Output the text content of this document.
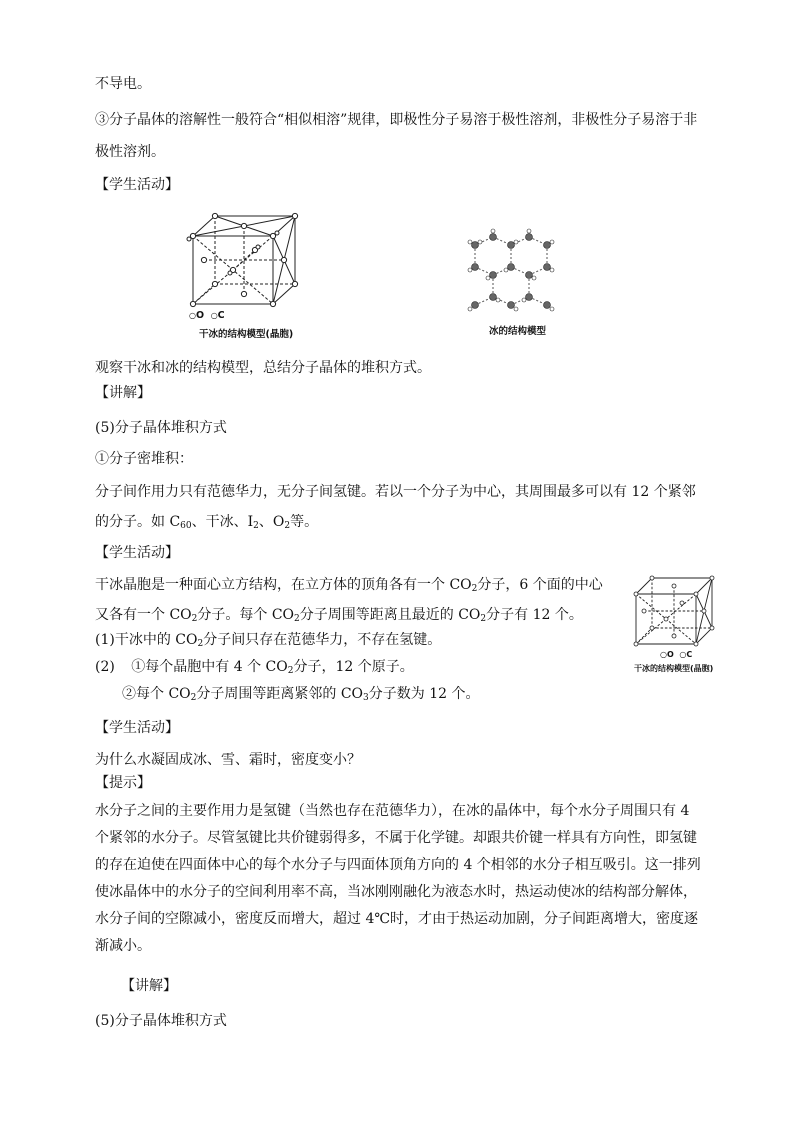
不导电。
③分子晶体的溶解性一般符合“相似相溶”规律，即极性分子易溶于极性溶剂，非极性分子易溶于非
极性溶剂。
【学生活动】
○O ○C
干冰的结构模型(晶胞)	冰的结构模型
观察干冰和冰的结构模型，总结分子晶体的堆积方式。
【讲解】
(5)分子晶体堆积方式
①分子密堆积：
分子间作用力只有范德华力，无分子间氢键。若以一个分子为中心，其周围最多可以有 12 个紧邻
的分子。如 $C_{60}$、干冰、$I_2$、$O_2$等。
【学生活动】
干冰晶胞是一种面心立方结构，在立方体的顶角各有一个 $CO_2$分子，6 个面的中心
又各有一个 $CO_2$分子。每个 $CO_2$分子周围等距离且最近的 $CO_2$分子有 12 个。
(1)干冰中的 $CO_2$分子间只存在范德华力，不存在氢键。
(2) ①每个晶胞中有 4 个 $CO_2$分子，12 个原子。
②每个 $CO_2$分子周围等距离紧邻的 $CO_3$分子数为 12 个。
○O ○C
干冰的结构模型(晶胞)
【学生活动】
为什么水凝固成冰、雪、霜时，密度变小？
【提示】
水分子之间的主要作用力是氢键（当然也存在范德华力），在冰的晶体中，每个水分子周围只有 4
个紧邻的水分子。尽管氢键比共价键弱得多，不属于化学键。却跟共价键一样具有方向性，即氢键
的存在迫使在四面体中心的每个水分子与四面体顶角方向的 4 个相邻的水分子相互吸引。这一排列
使冰晶体中的水分子的空间利用率不高，当冰刚刚融化为液态水时，热运动使冰的结构部分解体，
水分子间的空隙减小，密度反而增大，超过 4℃时，才由于热运动加剧，分子间距离增大，密度逐
渐减小。
【讲解】
(5)分子晶体堆积方式
